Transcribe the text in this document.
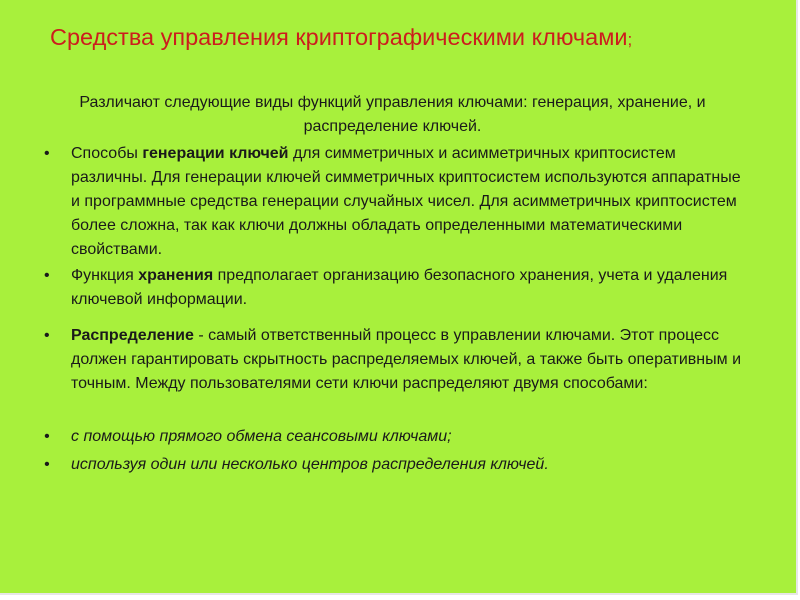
Средства управления криптографическими ключами;
Различают следующие виды функций управления ключами: генерация, хранение, и распределение ключей.

• Способы генерации ключей для симметричных и асимметричных криптосистем различны. Для генерации ключей симметричных криптосистем используются аппаратные и программные средства генерации случайных чисел. Для асимметричных криптосистем более сложна, так как ключи должны обладать определенными математическими свойствами.

• Функция хранения предполагает организацию безопасного хранения, учета и удаления ключевой информации.

• Распределение - самый ответственный процесс в управлении ключами. Этот процесс должен гарантировать скрытность распределяемых ключей, а также быть оперативным и точным. Между пользователями сети ключи распределяют двумя способами:

• с помощью прямого обмена сеансовыми ключами;

• используя один или несколько центров распределения ключей.
